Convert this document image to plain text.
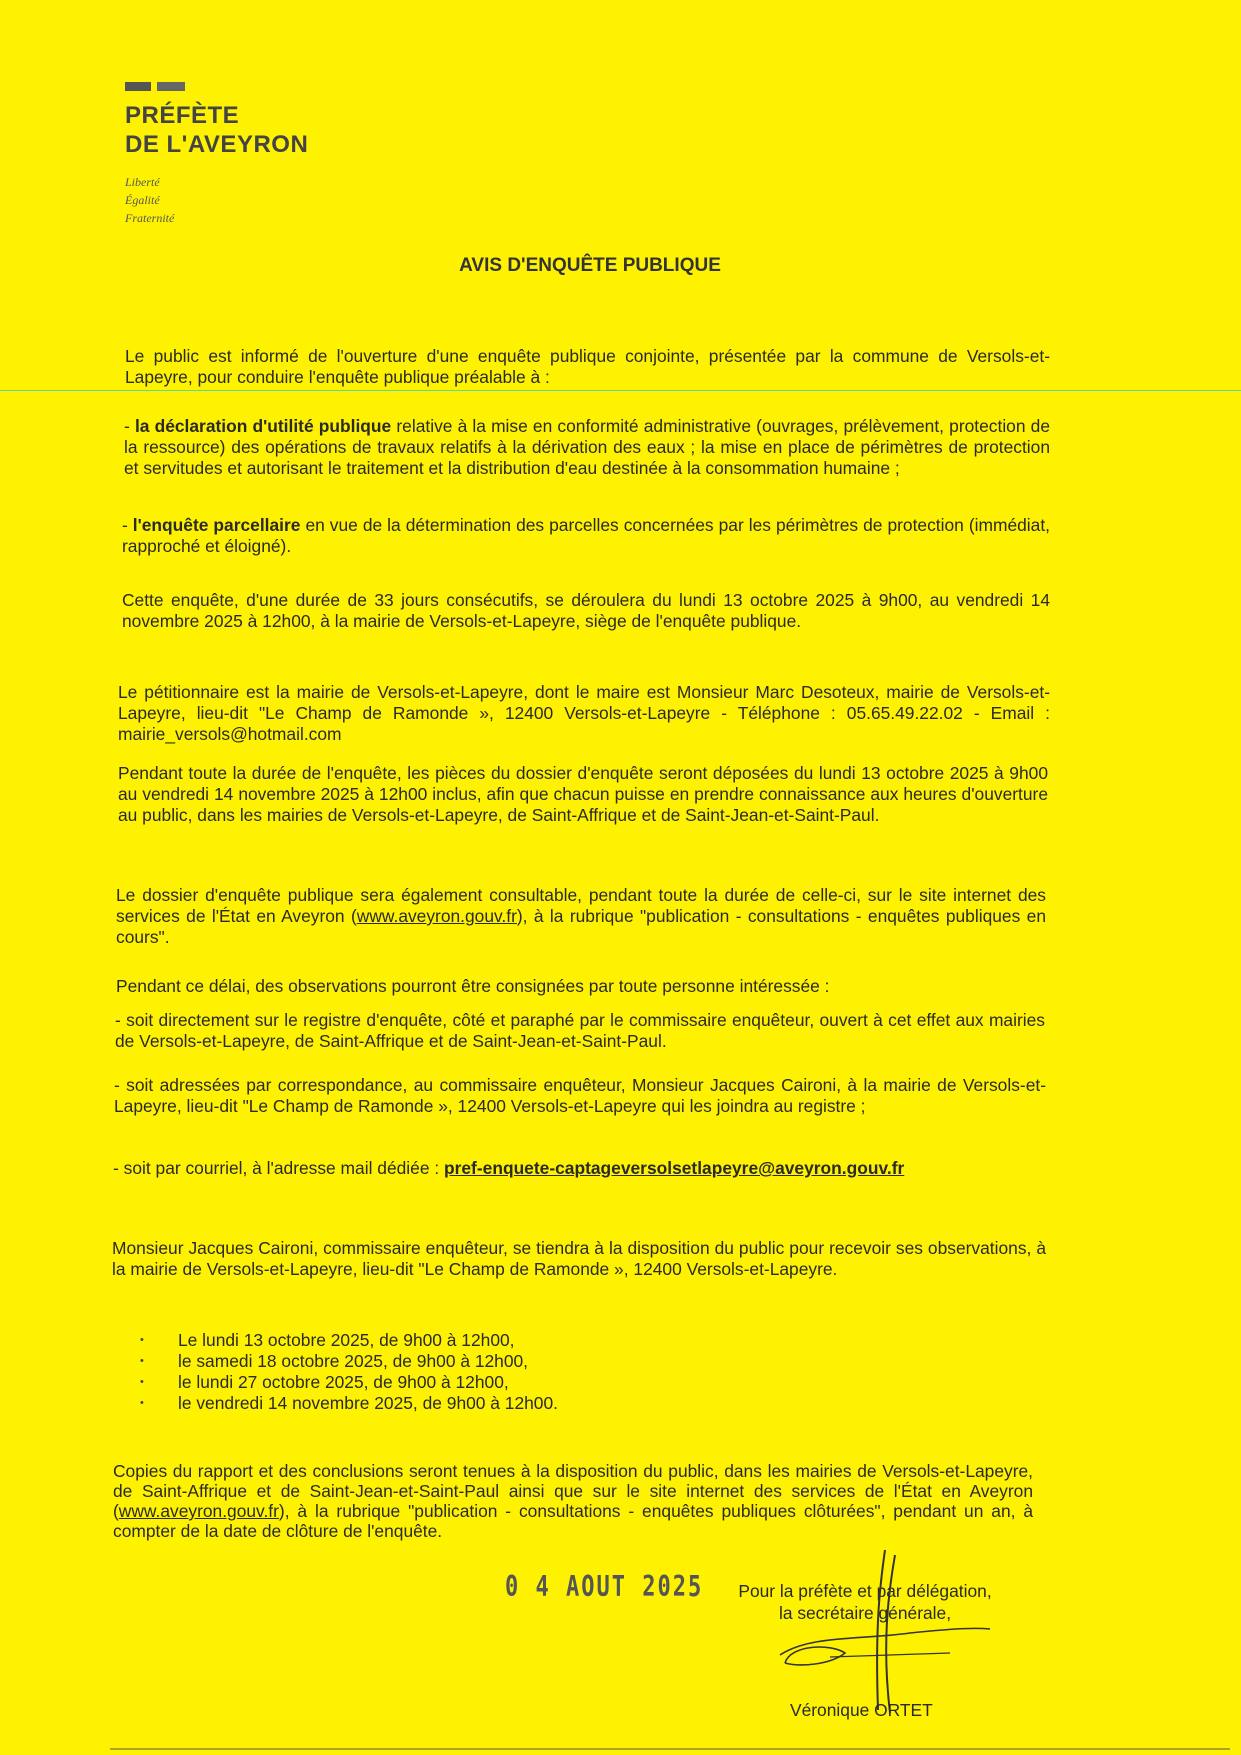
PRÉFÈTE
DE L'AVEYRON
Liberté
Égalité
Fraternité
AVIS D'ENQUÊTE PUBLIQUE
Le public est informé de l'ouverture d'une enquête publique conjointe, présentée par la commune de Versols-et-Lapeyre, pour conduire l'enquête publique préalable à :
- la déclaration d'utilité publique relative à la mise en conformité administrative (ouvrages, prélèvement, protection de la ressource) des opérations de travaux relatifs à la dérivation des eaux ; la mise en place de périmètres de protection et servitudes et autorisant le traitement et la distribution d'eau destinée à la consommation humaine ;
- l'enquête parcellaire en vue de la détermination des parcelles concernées par les périmètres de protection (immédiat, rapproché et éloigné).
Cette enquête, d'une durée de 33 jours consécutifs, se déroulera du lundi 13 octobre 2025 à 9h00, au vendredi 14 novembre 2025 à 12h00, à la mairie de Versols-et-Lapeyre, siège de l'enquête publique.
Le pétitionnaire est la mairie de Versols-et-Lapeyre, dont le maire est Monsieur Marc Desoteux, mairie de Versols-et-Lapeyre, lieu-dit "Le Champ de Ramonde », 12400 Versols-et-Lapeyre - Téléphone : 05.65.49.22.02 - Email : mairie_versols@hotmail.com
Pendant toute la durée de l'enquête, les pièces du dossier d'enquête seront déposées du lundi 13 octobre 2025 à 9h00 au vendredi 14 novembre 2025 à 12h00 inclus, afin que chacun puisse en prendre connaissance aux heures d'ouverture au public, dans les mairies de Versols-et-Lapeyre, de Saint-Affrique et de Saint-Jean-et-Saint-Paul.
Le dossier d'enquête publique sera également consultable, pendant toute la durée de celle-ci, sur le site internet des services de l'État en Aveyron (www.aveyron.gouv.fr), à la rubrique "publication - consultations - enquêtes publiques en cours".
Pendant ce délai, des observations pourront être consignées par toute personne intéressée :
- soit directement sur le registre d'enquête, côté et paraphé par le commissaire enquêteur, ouvert à cet effet aux mairies de Versols-et-Lapeyre, de Saint-Affrique et de Saint-Jean-et-Saint-Paul.
- soit adressées par correspondance, au commissaire enquêteur, Monsieur Jacques Caironi, à la mairie de Versols-et-Lapeyre, lieu-dit "Le Champ de Ramonde », 12400 Versols-et-Lapeyre qui les joindra au registre ;
- soit par courriel, à l'adresse mail dédiée : pref-enquete-captageversolsetlapeyre@aveyron.gouv.fr
Monsieur Jacques Caironi, commissaire enquêteur, se tiendra à la disposition du public pour recevoir ses observations, à la mairie de Versols-et-Lapeyre, lieu-dit "Le Champ de Ramonde », 12400 Versols-et-Lapeyre.
• Le lundi 13 octobre 2025, de 9h00 à 12h00,
• le samedi 18 octobre 2025, de 9h00 à 12h00,
• le lundi 27 octobre 2025, de 9h00 à 12h00,
• le vendredi 14 novembre 2025, de 9h00 à 12h00.
Copies du rapport et des conclusions seront tenues à la disposition du public, dans les mairies de Versols-et-Lapeyre, de Saint-Affrique et de Saint-Jean-et-Saint-Paul ainsi que sur le site internet des services de l'État en Aveyron (www.aveyron.gouv.fr), à la rubrique "publication - consultations - enquêtes publiques clôturées", pendant un an, à compter de la date de clôture de l'enquête.
0 4 AOUT 2025	Pour la préfète et par délégation,
la secrétaire générale,
Véronique ORTET
